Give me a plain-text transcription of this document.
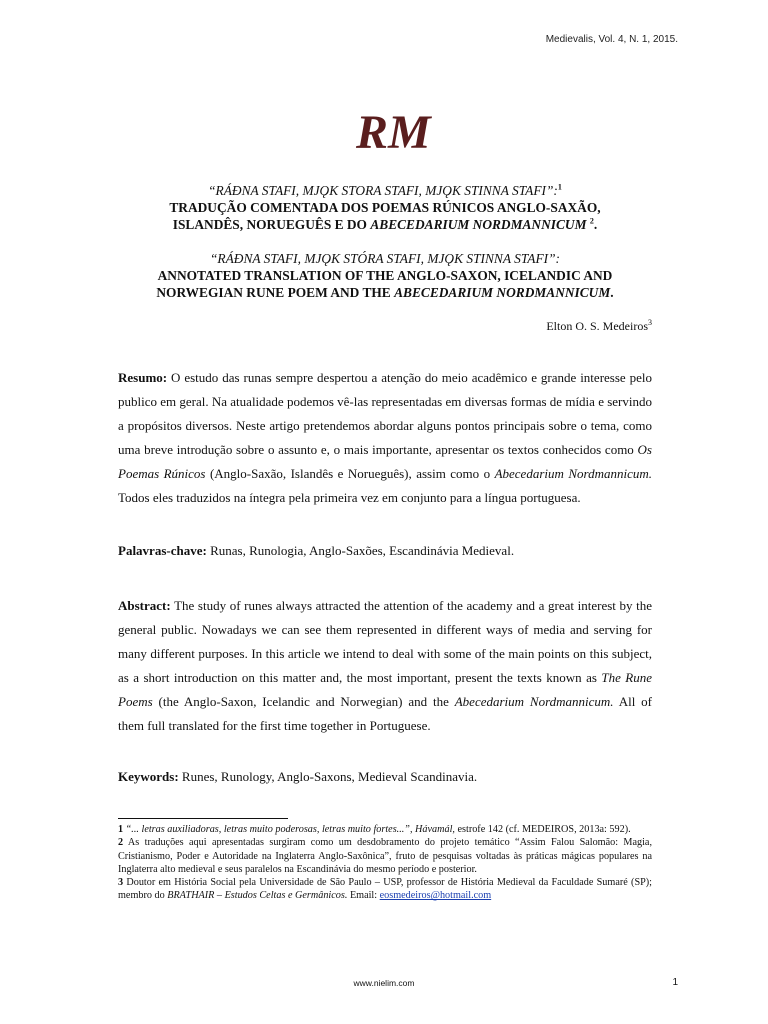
Medievalis, Vol. 4, N. 1, 2015.
RM
“RÁÐNA STAFI, MJǪK STORA STAFI, MJǪK STINNA STAFI”:$^1$
TRADUÇÃO COMENTADA DOS POEMAS RÚNICOS ANGLO-SAXÃO,
ISLANDÊS, NORUEGUÊS E DO ABECEDARIUM NORDMANNICUM $^2$.
“RÁÐNA STAFI, MJǪK STÓRA STAFI, MJǪK STINNA STAFI”:
ANNOTATED TRANSLATION OF THE ANGLO-SAXON, ICELANDIC AND
NORWEGIAN RUNE POEM AND THE ABECEDARIUM NORDMANNICUM.
Elton O. S. Medeiros$^3$
Resumo: O estudo das runas sempre despertou a atenção do meio acadêmico e grande interesse pelo publico em geral. Na atualidade podemos vê-las representadas em diversas formas de mídia e servindo a propósitos diversos. Neste artigo pretendemos abordar alguns pontos principais sobre o tema, como uma breve introdução sobre o assunto e, o mais importante, apresentar os textos conhecidos como Os Poemas Rúnicos (Anglo-Saxão, Islandês e Norueguês), assim como o Abecedarium Nordmannicum. Todos eles traduzidos na íntegra pela primeira vez em conjunto para a língua portuguesa.
Palavras-chave: Runas, Runologia, Anglo-Saxões, Escandinávia Medieval.
Abstract: The study of runes always attracted the attention of the academy and a great interest by the general public. Nowadays we can see them represented in different ways of media and serving for many different purposes. In this article we intend to deal with some of the main points on this subject, as a short introduction on this matter and, the most important, present the texts known as The Rune Poems (the Anglo-Saxon, Icelandic and Norwegian) and the Abecedarium Nordmannicum. All of them full translated for the first time together in Portuguese.
Keywords: Runes, Runology, Anglo-Saxons, Medieval Scandinavia.

1 “... letras auxiliadoras, letras muito poderosas, letras muito fortes...”, Hávamál, estrofe 142 (cf. MEDEIROS, 2013a: 592).

2 As traduções aqui apresentadas surgiram como um desdobramento do projeto temático “Assim Falou Salomão: Magia, Cristianismo, Poder e Autoridade na Inglaterra Anglo-Saxônica”, fruto de pesquisas voltadas às práticas mágicas populares na Inglaterra alto medieval e seus paralelos na Escandinávia do mesmo período e posterior.

3 Doutor em História Social pela Universidade de São Paulo – USP, professor de História Medieval da Faculdade Sumaré (SP); membro do BRATHAIR – Estudos Celtas e Germânicos. Email: eosmedeiros@hotmail.com

www.nielim.com	1
